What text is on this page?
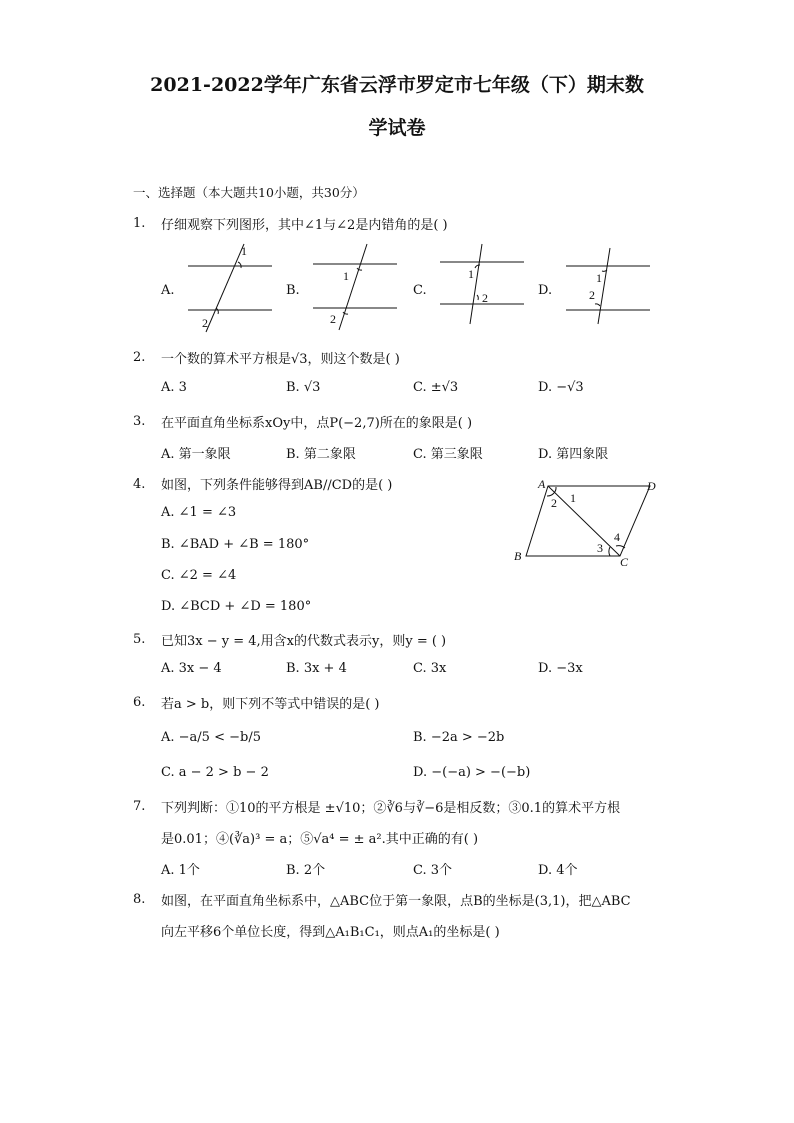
2021-2022学年广东省云浮市罗定市七年级（下）期末数
学试卷
一、选择题（本大题共10小题，共30分）
1. 仔细观察下列图形，其中∠1与∠2是内错角的是( )
A.	B.	C.	D.
1
2
1
2
1
2
1
2
2. 一个数的算术平方根是√3，则这个数是( )
A. 3	B. √3	C. ±√3	D. −√3
3. 在平面直角坐标系xOy中，点P(−2,7)所在的象限是( )
A. 第一象限	B. 第二象限	C. 第三象限	D. 第四象限
4. 如图，下列条件能够得到AB//CD的是( )
A. ∠1 = ∠3
B. ∠BAD + ∠B = 180°
C. ∠2 = ∠4
D. ∠BCD + ∠D = 180°
A	D
B	C
1
2
3
4
5. 已知3x − y = 4,用含x的代数式表示y，则y = ( )
A. 3x − 4	B. 3x + 4	C. 3x	D. −3x
6. 若a > b，则下列不等式中错误的是( )
A. −a/5 < −b/5	B. −2a > −2b
C. a − 2 > b − 2	D. −(−a) > −(−b)
7. 下列判断：①10的平方根是 ±√10；②∛6与∛−6是相反数；③0.1的算术平方根
是0.01；④(∛a)³ = a；⑤√a⁴ = ± a².其中正确的有( )
A. 1个	B. 2个	C. 3个	D. 4个
8. 如图，在平面直角坐标系中，△ABC位于第一象限，点B的坐标是(3,1)，把△ABC
向左平移6个单位长度，得到△A₁B₁C₁，则点A₁的坐标是( )
